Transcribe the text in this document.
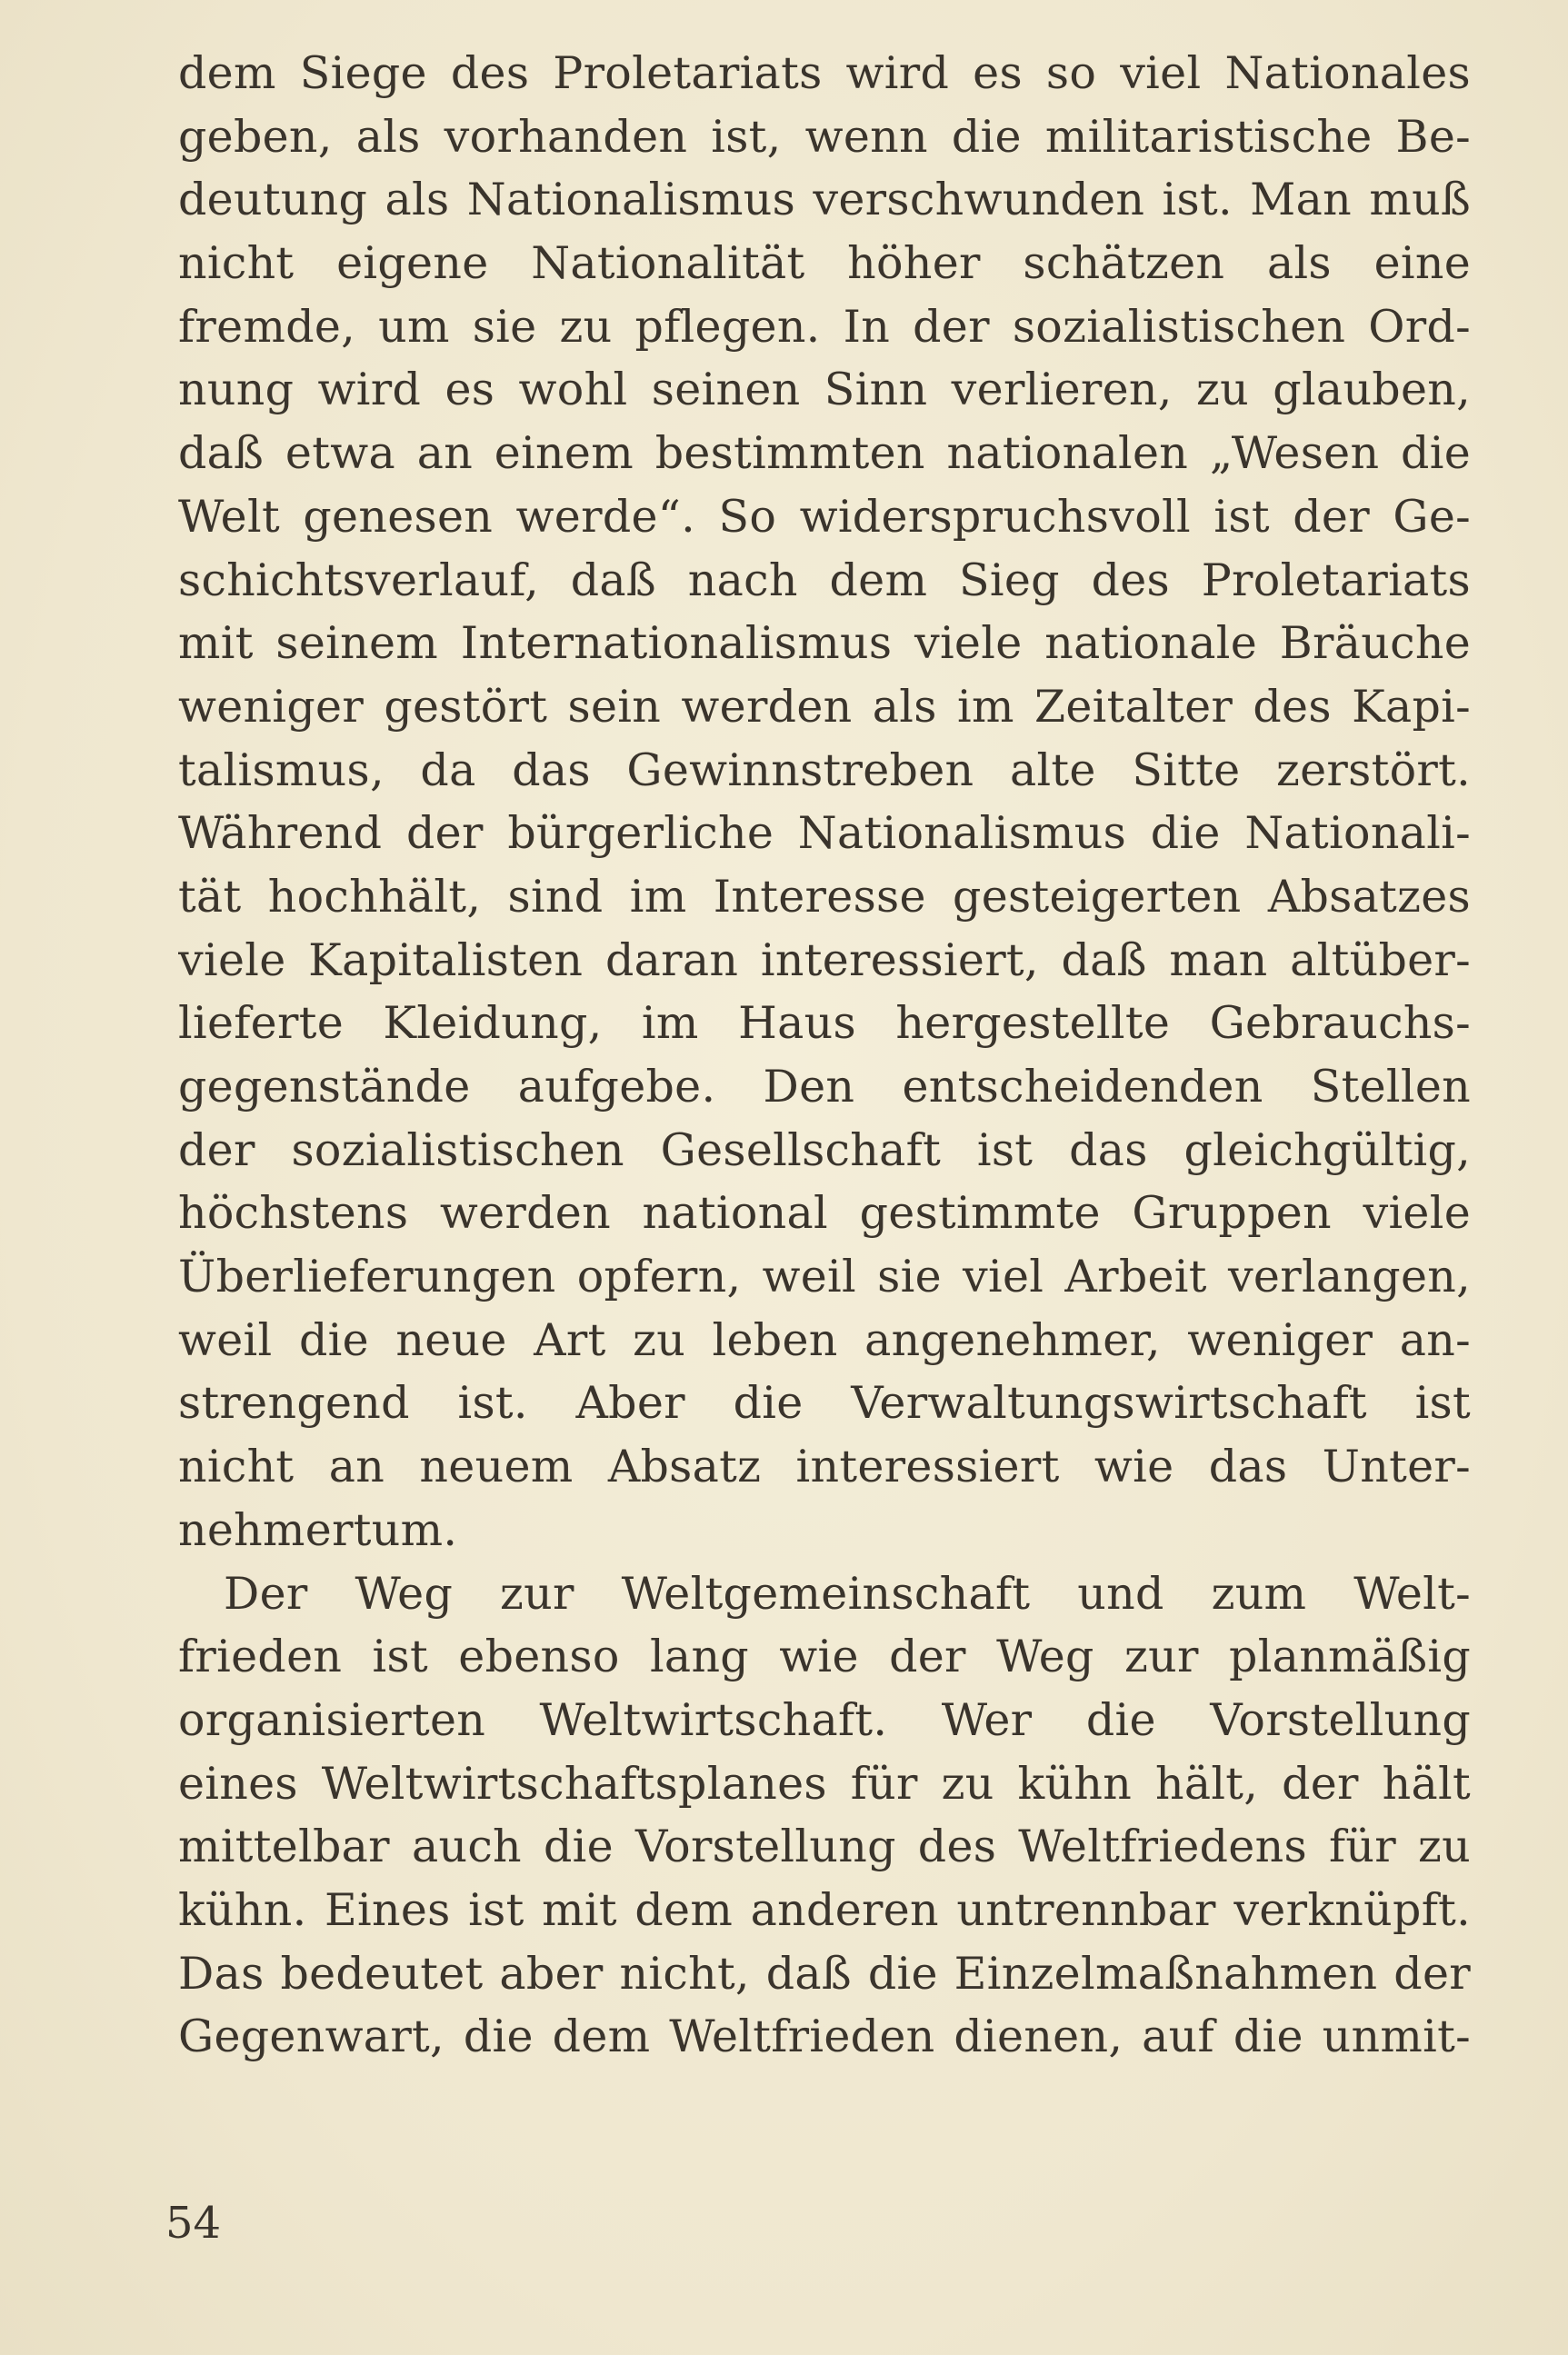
dem Siege des Proletariats wird es so viel Nationales
geben, als vorhanden ist, wenn die militaristische Be-
deutung als Nationalismus verschwunden ist. Man muß
nicht eigene Nationalität höher schätzen als eine
fremde, um sie zu pflegen. In der sozialistischen Ord-
nung wird es wohl seinen Sinn verlieren, zu glauben,
daß etwa an einem bestimmten nationalen „Wesen die
Welt genesen werde“. So widerspruchsvoll ist der Ge-
schichtsverlauf, daß nach dem Sieg des Proletariats
mit seinem Internationalismus viele nationale Bräuche
weniger gestört sein werden als im Zeitalter des Kapi-
talismus, da das Gewinnstreben alte Sitte zerstört.
Während der bürgerliche Nationalismus die Nationali-
tät hochhält, sind im Interesse gesteigerten Absatzes
viele Kapitalisten daran interessiert, daß man altüber-
lieferte Kleidung, im Haus hergestellte Gebrauchs-
gegenstände aufgebe. Den entscheidenden Stellen
der sozialistischen Gesellschaft ist das gleichgültig,
höchstens werden national gestimmte Gruppen viele
Überlieferungen opfern, weil sie viel Arbeit verlangen,
weil die neue Art zu leben angenehmer, weniger an-
strengend ist. Aber die Verwaltungswirtschaft ist
nicht an neuem Absatz interessiert wie das Unter-
nehmertum.
Der Weg zur Weltgemeinschaft und zum Welt-
frieden ist ebenso lang wie der Weg zur planmäßig
organisierten Weltwirtschaft. Wer die Vorstellung
eines Weltwirtschaftsplanes für zu kühn hält, der hält
mittelbar auch die Vorstellung des Weltfriedens für zu
kühn. Eines ist mit dem anderen untrennbar verknüpft.
Das bedeutet aber nicht, daß die Einzelmaßnahmen der
Gegenwart, die dem Weltfrieden dienen, auf die unmit-
54
